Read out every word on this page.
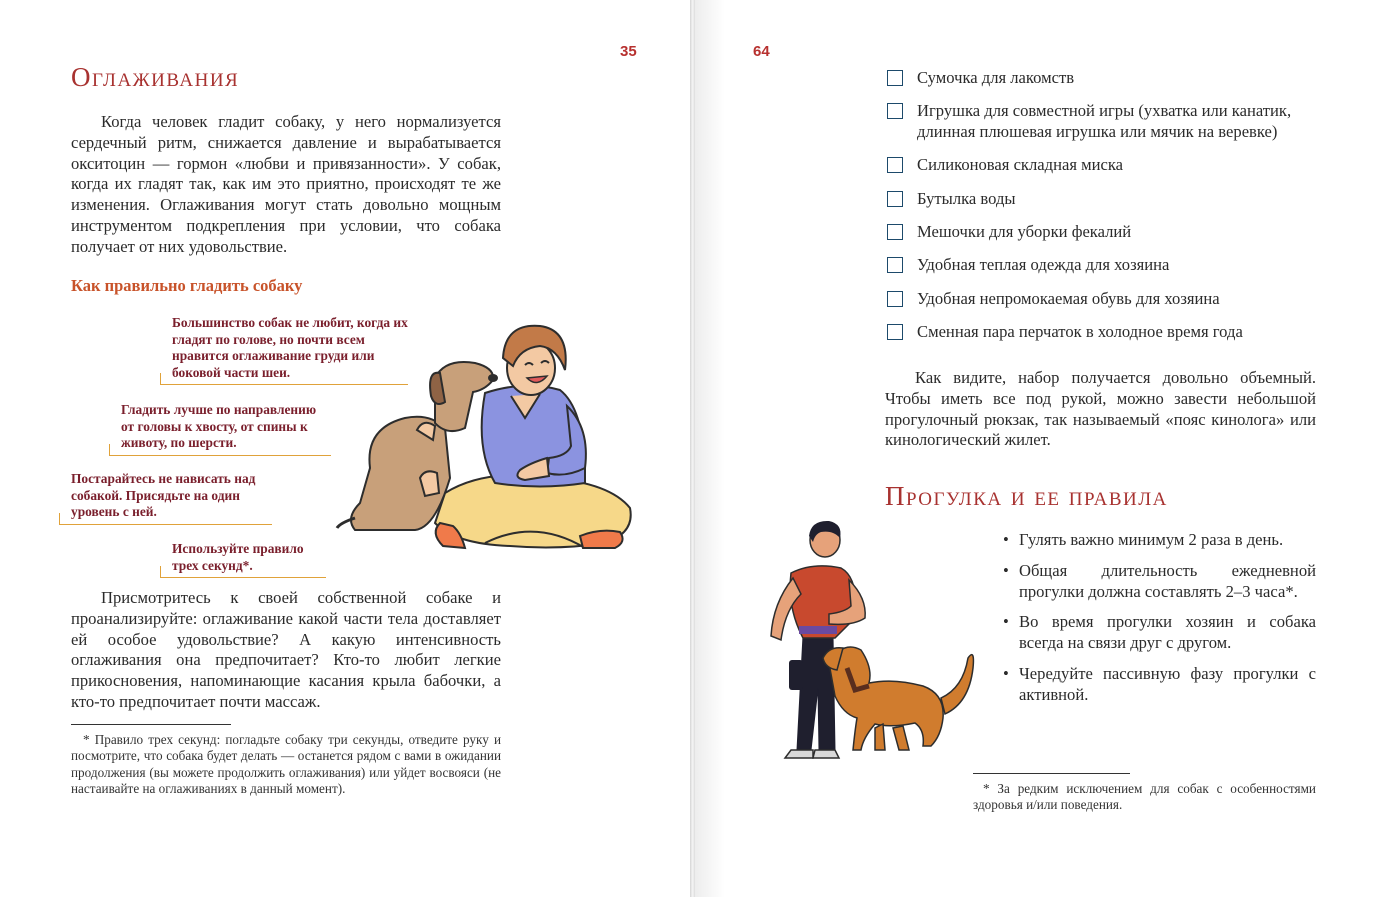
35
Оглаживания

Когда человек гладит собаку, у него нормализуется сердечный ритм, снижается давление и вырабатывается окситоцин — гормон «любви и привязанности». У собак, когда их гладят так, как им это приятно, происходят те же изменения. Оглаживания могут стать довольно мощным инструментом подкрепления при условии, что собака получает от них удовольствие.

Как правильно гладить собаку
Большинство собак не любит, когда их гладят по голове, но почти всем нравится оглаживание груди или боковой части шеи.
Гладить лучше по направлению от головы к хвосту, от спины к животу, по шерсти.
Постарайтесь не нависать над собакой. Присядьте на один уровень с ней.
Используйте правило трех секунд*.

Присмотритесь к своей собственной собаке и проанализируйте: оглаживание какой части тела доставляет ей особое удовольствие? А какую интенсивность оглаживания она предпочитает? Кто-то любит легкие прикосновения, напоминающие касания крыла бабочки, а кто-то предпочитает почти массаж.

* Правило трех секунд: погладьте собаку три секунды, отведите руку и посмотрите, что собака будет делать — останется рядом с вами в ожидании продолжения (вы можете продолжить оглаживания) или уйдет восвояси (не настаивайте на оглаживаниях в данный момент).

64
Сумочка для лакомств
Игрушка для совместной игры (ухватка или канатик, длинная плюшевая игрушка или мячик на веревке)
Силиконовая складная миска
Бутылка воды
Мешочки для уборки фекалий
Удобная теплая одежда для хозяина
Удобная непромокаемая обувь для хозяина
Сменная пара перчаток в холодное время года

Как видите, набор получается довольно объемный. Чтобы иметь все под рукой, можно завести небольшой прогулочный рюкзак, так называемый «пояс кинолога» или кинологический жилет.

Прогулка и ее правила
• Гулять важно минимум 2 раза в день.
• Общая длительность ежедневной прогулки должна составлять 2–3 часа*.
• Во время прогулки хозяин и собака всегда на связи друг с другом.
• Чередуйте пассивную фазу прогулки с активной.

* За редким исключением для собак с особенностями здоровья и/или поведения.
